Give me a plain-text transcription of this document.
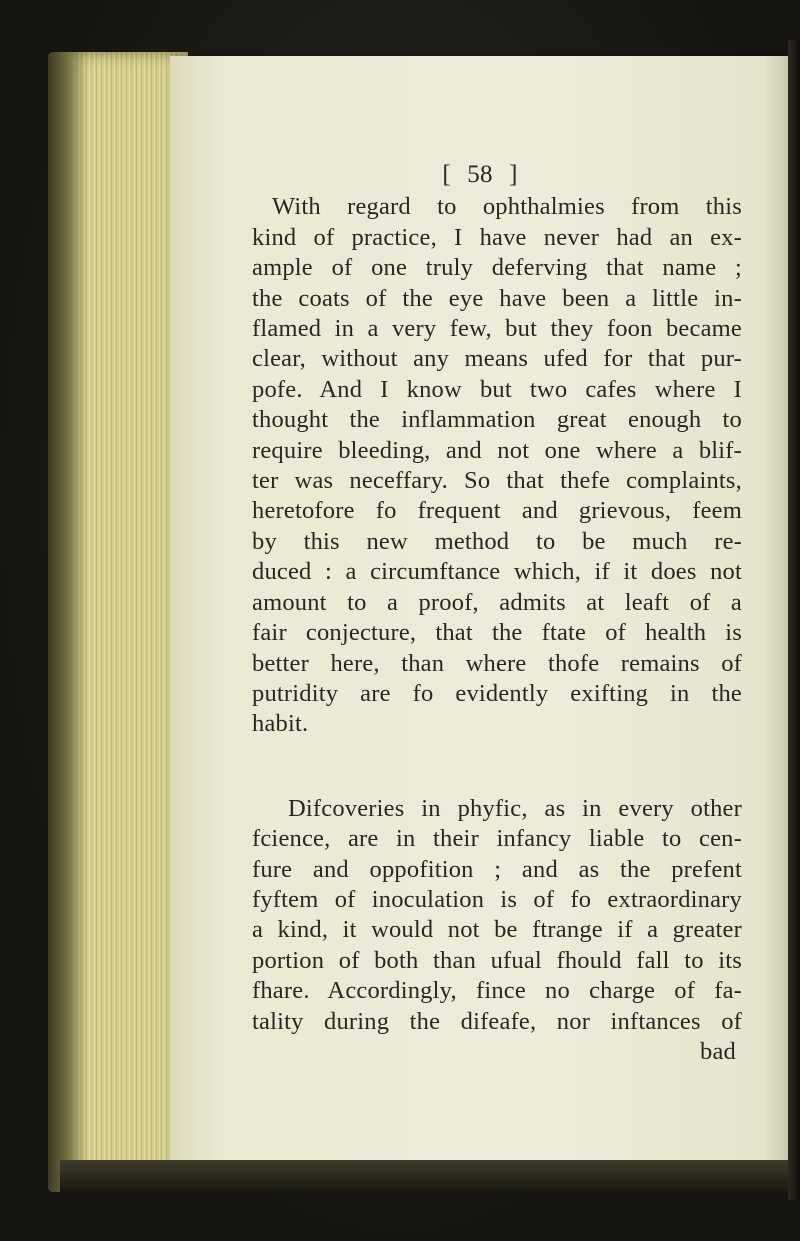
[ 58 ]
With regard to ophthalmies from this
kind of practice, I have never had an ex-
ample of one truly deferving that name ;
the coats of the eye have been a little in-
flamed in a very few, but they foon became
clear, without any means ufed for that pur-
pofe. And I know but two cafes where I
thought the inflammation great enough to
require bleeding, and not one where a blif-
ter was neceffary. So that thefe complaints,
heretofore fo frequent and grievous, feem
by this new method to be much re-
duced : a circumftance which, if it does not
amount to a proof, admits at leaft of a
fair conjecture, that the ftate of health is
better here, than where thofe remains of
putridity are fo evidently exifting in the
habit.
Difcoveries in phyfic, as in every other
fcience, are in their infancy liable to cen-
fure and oppofition ; and as the prefent
fyftem of inoculation is of fo extraordinary
a kind, it would not be ftrange if a greater
portion of both than ufual fhould fall to its
fhare. Accordingly, fince no charge of fa-
tality during the difeafe, nor inftances of
bad
